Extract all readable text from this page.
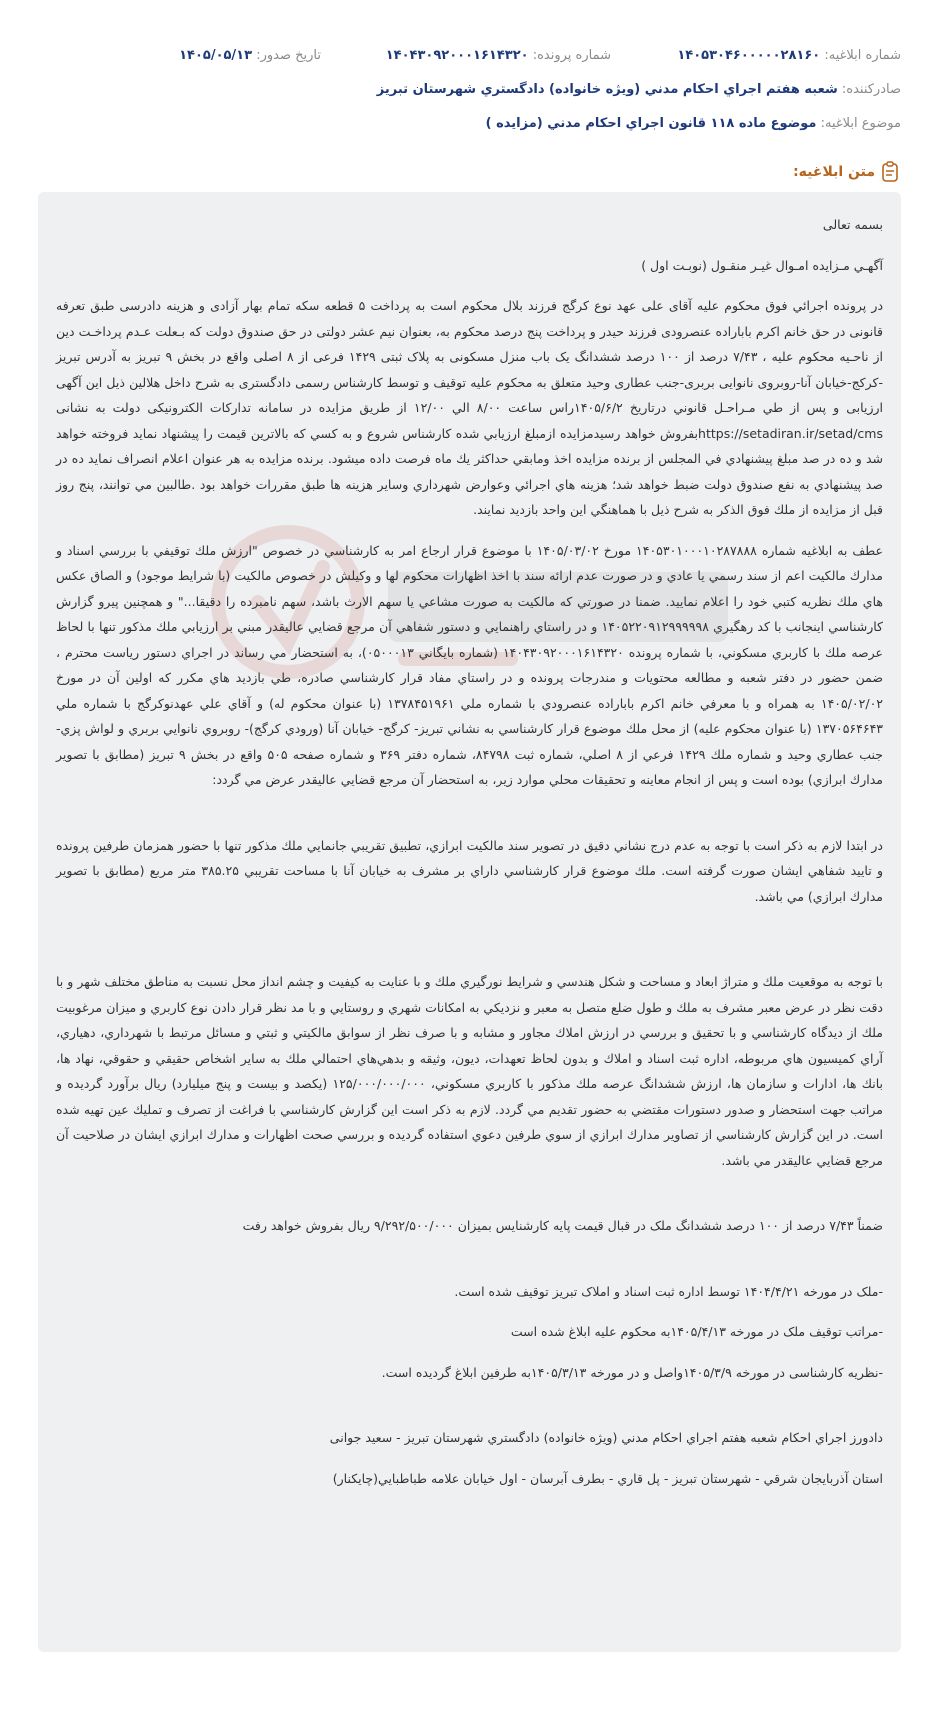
شماره ابلاغيه: ۱۴۰۵۳۰۴۶۰۰۰۰۰۲۸۱۶۰
شماره پرونده: ۱۴۰۴۳۰۹۲۰۰۰۱۶۱۴۳۲۰
تاريخ صدور: ۱۴۰۵/۰۵/۱۳
صادرکننده: شعبه هفتم اجراي احکام مدني (ويژه خانواده) دادگستري شهرستان تبريز
موضوع ابلاغيه: موضوع ماده ۱۱۸ قانون اجراي احکام مدني (مزايده )
متن ابلاغيه:

بسمه تعالی

آگهـي مـزايده امـوال غيـر منقـول (نوبـت اول )

در پرونده اجرائي فوق محکوم عليه آقای علی عهد نوع کرگج فرزند بلال محکوم است به پرداخت ۵ قطعه سکه تمام بهار آزادی و هزينه دادرسی طبق تعرفه قانونی در حق خانم اکرم باباراده عنصرودی فرزند حيدر و پرداخت پنج درصد محکوم به، بعنوان نيم عشر دولتی در حق صندوق دولت که بـعلت عـدم پرداخـت دين از ناحـيه محکوم عليه ، ۷/۴۳ درصد از ۱۰۰ درصد ششدانگ يک باب منزل مسکونی به پلاک ثبتی ۱۴۲۹ فرعی از ۸ اصلی واقع در بخش ۹ تبريز به آدرس تبريز -کرکج-خيابان آنا-روبروی نانوايی بربری-جنب عطاری وحيد متعلق به محکوم عليه توقيف و توسط کارشناس رسمی دادگستری به شرح داخل هلالين ذيل اين آگهی ارزيابی و پس از طي مـراحـل قانوني درتاريخ ۱۴۰۵/۶/۲راس ساعت ۸/۰۰ الي ۱۲/۰۰ از طريق مزايده در سامانه تدارکات الکترونيکی دولت به نشانی https://setadiran.ir/setad/cmsبفروش خواهد رسيدمزايده ازمبلغ ارزيابي شده کارشناس شروع و به کسي که بالاترين قيمت را پيشنهاد نمايد فروخته خواهد شد و ده در صد مبلغ پيشنهادي في المجلس از برنده مزايده اخذ ومابقي حداکثر يك ماه فرصت داده ميشود. برنده مزايده به هر عنوان اعلام انصراف نمايد ده در صد پيشنهادي به نفع صندوق دولت ضبط خواهد شد؛ هزينه هاي اجرائي وعوارض شهرداري وساير هزينه ها طبق مقررات خواهد بود .طالبين مي توانند، پنج روز قبل از مزايده از ملك فوق الذكر به شرح ذيل با هماهنگي اين واحد بازديد نمايند.

عطف به ابلاغيه شماره ۱۴۰۵۳۰۱۰۰۰۱۰۲۸۷۸۸۸ مورخ ۱۴۰۵/۰۳/۰۲ با موضوع قرار ارجاع امر به کارشناسي در خصوص "ارزش ملك توقيفي با بررسي اسناد و مدارك مالكيت اعم از سند رسمي يا عادي و در صورت عدم ارائه سند با اخذ اظهارات محكوم لها و وكيلش در خصوص مالكيت (با شرايط موجود) و الصاق عكس هاي ملك نظريه كتبي خود را اعلام نماييد. ضمنا در صورتي كه مالكيت به صورت مشاعي يا سهم الارث باشد، سهم نامبرده را دقيقا..." و همچنين پيرو گزارش كارشناسي اينجانب با كد رهگيري ۱۴۰۵۲۲۰۹۱۲۹۹۹۹۹۸ و در راستاي راهنمايي و دستور شفاهي آن مرجع قضايي عاليقدر مبني بر ارزيابي ملك مذكور تنها با لحاظ عرصه ملك با كاربري مسكوني، با شماره پرونده ۱۴۰۴۳۰۹۲۰۰۰۱۶۱۴۳۲۰ (شماره بايگاني ۰۵۰۰۰۱۳)، به استحضار مي رساند در اجراي دستور رياست محترم ، ضمن حضور در دفتر شعبه و مطالعه محتويات و مندرجات پرونده و در راستاي مفاد قرار كارشناسي صادره، طي بازديد هاي مكرر كه اولين آن در مورخ ۱۴۰۵/۰۲/۰۲ به همراه و با معرفي خانم اكرم باباراده عنصرودي با شماره ملي ۱۳۷۸۴۵۱۹۶۱ (با عنوان محكوم له) و آقاي علي عهدنوكرگج با شماره ملي ۱۳۷۰۵۶۴۶۴۳ (با عنوان محكوم عليه) از محل ملك موضوع قرار كارشناسي به نشاني تبريز- كرگج- خيابان آنا (ورودي كرگج)- روبروي نانوايي بربري و لواش پزي- جنب عطاري وحيد و شماره ملك ۱۴۲۹ فرعي از ۸ اصلي، شماره ثبت ۸۴۷۹۸، شماره دفتر ۳۶۹ و شماره صفحه ۵۰۵ واقع در بخش ۹ تبريز (مطابق با تصوير مدارك ابرازي) بوده است و پس از انجام معاينه و تحقيقات محلي موارد زير، به استحضار آن مرجع قضايي عاليقدر عرض مي گردد:

در ابتدا لازم به ذكر است با توجه به عدم درج نشاني دقيق در تصوير سند مالكيت ابرازي، تطبيق تقريبي جانمايي ملك مذكور تنها با حضور همزمان طرفين پرونده و تاييد شفاهي ايشان صورت گرفته است. ملك موضوع قرار كارشناسي داراي بر مشرف به خيابان آنا با مساحت تقريبي ۳۸۵.۲۵ متر مربع (مطابق با تصوير مدارك ابرازي) مي باشد.

با توجه به موقعيت ملك و متراژ ابعاد و مساحت و شكل هندسي و شرايط نورگيري ملك و با عنايت به كيفيت و چشم انداز محل نسبت به مناطق مختلف شهر و با دقت نظر در عرض معبر مشرف به ملك و طول ضلع متصل به معبر و نزديكي به امكانات شهري و روستايي و با مد نظر قرار دادن نوع كاربري و ميزان مرغوبيت ملك از ديدگاه كارشناسي و با تحقيق و بررسي در ارزش املاك مجاور و مشابه و با صرف نظر از سوابق مالكيتي و ثبتي و مسائل مرتبط با شهرداري، دهياري، آراي كميسيون هاي مربوطه، اداره ثبت اسناد و املاك و بدون لحاظ تعهدات، ديون، وثيقه و بدهي‌هاي احتمالي ملك به ساير اشخاص حقيقي و حقوقي، نهاد ها، بانك ها، ادارات و سازمان ها، ارزش ششدانگ عرصه ملك مذكور با كاربري مسكوني، ۱۲۵/۰۰۰/۰۰۰/۰۰۰ (يكصد و بيست و پنج ميليارد) ريال برآورد گرديده و مراتب جهت استحضار و صدور دستورات مقتضي به حضور تقديم مي گردد. لازم به ذكر است اين گزارش كارشناسي با فراغت از تصرف و تمليك عين تهيه شده است. در اين گزارش كارشناسي از تصاوير مدارك ابرازي از سوي طرفين دعوي استفاده گرديده و بررسي صحت اظهارات و مدارك ابرازي ايشان در صلاحيت آن مرجع قضايي عاليقدر مي باشد.

ضمناً ۷/۴۳ درصد از ۱۰۰ درصد ششدانگ ملک در قبال قيمت پايه کارشنايس بميزان ۹/۲۹۲/۵۰۰/۰۰۰ ريال بفروش خواهد رفت

-ملک در مورخه ۱۴۰۴/۴/۲۱ توسط اداره ثبت اسناد و املاک تبريز توقيف شده است.

-مراتب توقيف ملک در مورخه ۱۴۰۵/۴/۱۳به محکوم عليه ابلاغ شده است

-نظريه کارشناسی در مورخه ۱۴۰۵/۳/۹واصل و در مورخه ۱۴۰۵/۳/۱۳به طرفين ابلاغ گرديده است.

دادورز اجراي احکام شعبه هفتم اجراي احکام مدني (ويژه خانواده) دادگستري شهرستان تبريز - سعيد جوانی

استان آذربايجان شرقي - شهرستان تبريز - پل قاري - بطرف آبرسان - اول خيابان علامه طباطبايي(چايکنار)
